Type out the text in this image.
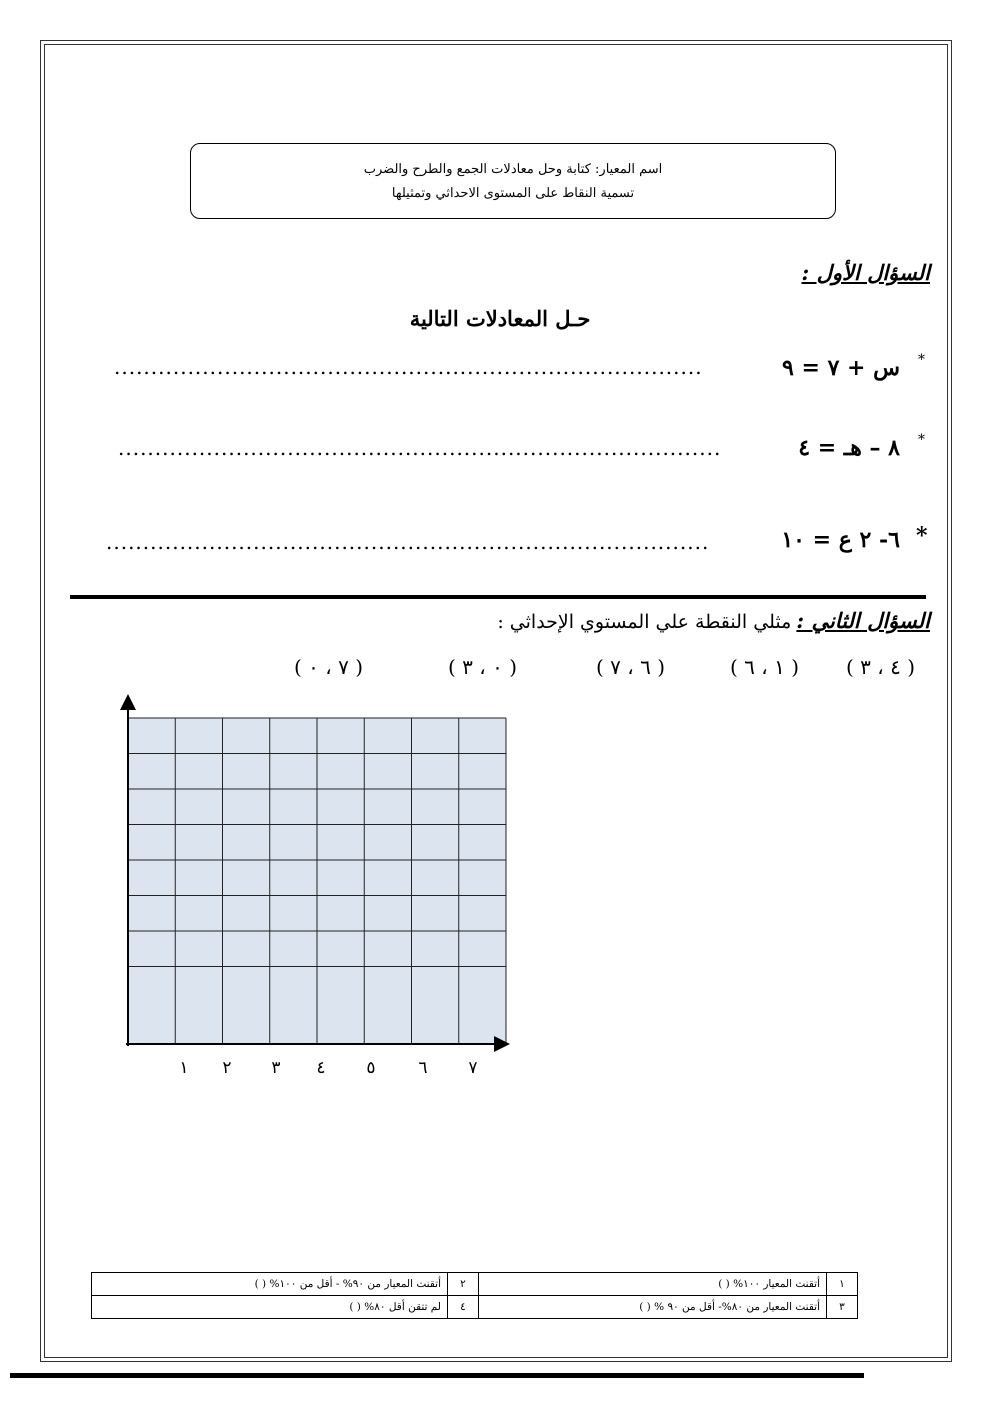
اسم المعيار: كتابة وحل معادلات الجمع والطرح والضرب
تسمية النقاط على المستوى الاحداثي وتمثيلها
السؤال الأول :
حـل المعادلات التالية
*
س + ٧ = ٩
................................................................................
*
٨ – هـ = ٤
..................................................................................
*
٦- ٢ ع = ١٠
..................................................................................
السؤال الثاني : مثلي النقطة علي المستوي الإحداثي :
( ٤ ، ٣ )
( ١ ، ٦ )
( ٦ ، ٧ )
( ٠ ، ٣ )
( ٧ ، ٠ )
١	٢	٣	٤	٥	٦	٧
١	أتقنت المعيار ١٠٠% ( )	٢	أتقنت المعيار من ٩٠% - أقل من ١٠٠% ( )
٣	أتقنت المعيار من ٨٠%- أقل من ٩٠ % ( )	٤	لم تتقن أقل ٨٠% ( )
